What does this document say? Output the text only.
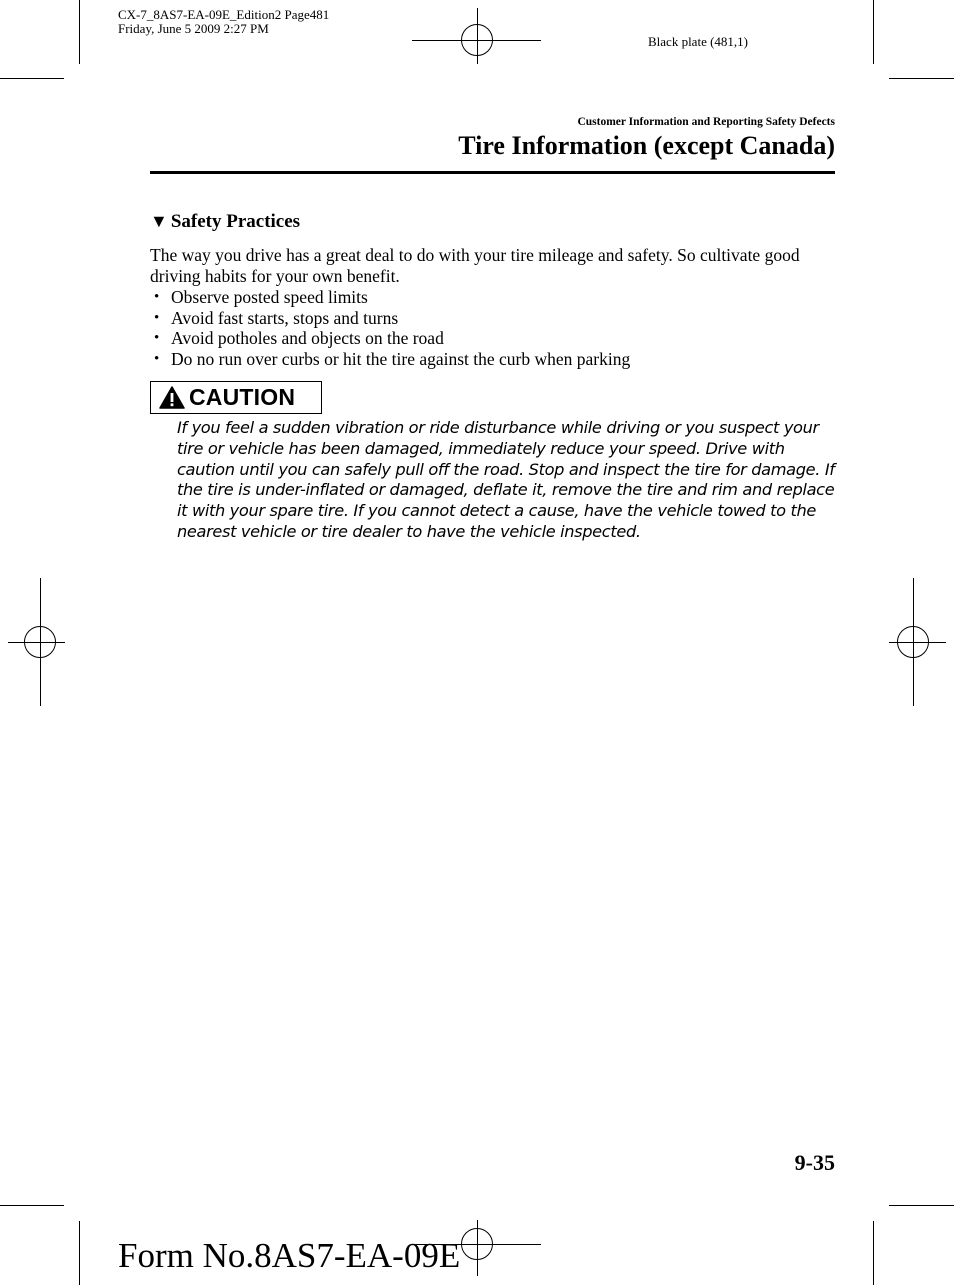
CX-7_8AS7-EA-09E_Edition2 Page481
Friday, June 5 2009 2:27 PM
Black plate (481,1)
Customer Information and Reporting Safety Defects
Tire Information (except Canada)
▼ Safety Practices
The way you drive has a great deal to do with your tire mileage and safety. So cultivate good driving habits for your own benefit.
• Observe posted speed limits
• Avoid fast starts, stops and turns
• Avoid potholes and objects on the road
• Do no run over curbs or hit the tire against the curb when parking
CAUTION
If you feel a sudden vibration or ride disturbance while driving or you suspect your tire or vehicle has been damaged, immediately reduce your speed. Drive with caution until you can safely pull off the road. Stop and inspect the tire for damage. If the tire is under-inflated or damaged, deflate it, remove the tire and rim and replace it with your spare tire. If you cannot detect a cause, have the vehicle towed to the nearest vehicle or tire dealer to have the vehicle inspected.
9-35
Form No.8AS7-EA-09E
